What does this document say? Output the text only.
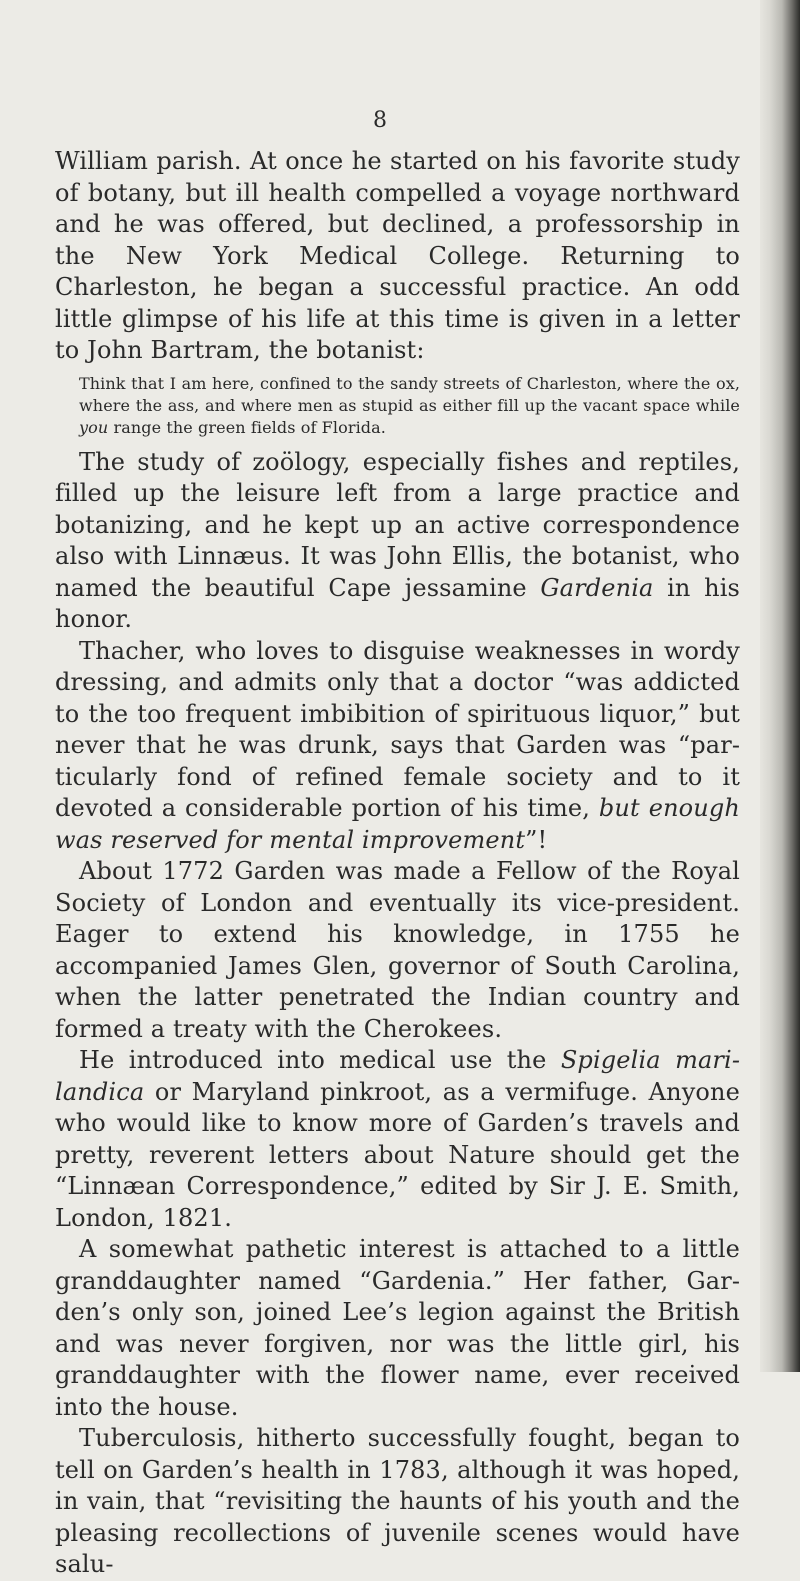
8

William parish. At once he started on his favorite study of botany, but ill health compelled a voyage northward and he was offered, but declined, a professorship in the New York Medical College. Returning to Charleston, he began a successful practice. An odd little glimpse of his life at this time is given in a letter to John Bartram, the botanist:

Think that I am here, confined to the sandy streets of Charleston, where the ox, where the ass, and where men as stupid as either fill up the vacant space while you range the green fields of Florida.

The study of zoölogy, especially fishes and reptiles, filled up the leisure left from a large practice and botanizing, and he kept up an active correspondence also with Linnæus. It was John Ellis, the botanist, who named the beautiful Cape jessamine Gardenia in his honor.

Thacher, who loves to disguise weaknesses in wordy dressing, and admits only that a doctor “was addicted to the too frequent imbibition of spirituous liquor,” but never that he was drunk, says that Garden was “particularly fond of refined female society and to it devoted a considerable portion of his time, but enough was reserved for mental improvement”!

About 1772 Garden was made a Fellow of the Royal Society of London and eventually its vice-president. Eager to extend his knowledge, in 1755 he accompanied James Glen, governor of South Carolina, when the latter penetrated the Indian country and formed a treaty with the Cherokees.

He introduced into medical use the Spigelia marilandica or Maryland pinkroot, as a vermifuge. Anyone who would like to know more of Garden’s travels and pretty, reverent letters about Nature should get the “Linnæan Correspondence,” edited by Sir J. E. Smith, London, 1821.

A somewhat pathetic interest is attached to a little granddaughter named “Gardenia.” Her father, Garden’s only son, joined Lee’s legion against the British and was never forgiven, nor was the little girl, his granddaughter with the flower name, ever received into the house.

Tuberculosis, hitherto successfully fought, began to tell on Garden’s health in 1783, although it was hoped, in vain, that “revisiting the haunts of his youth and the pleasing recollections of juvenile scenes would have salu-
